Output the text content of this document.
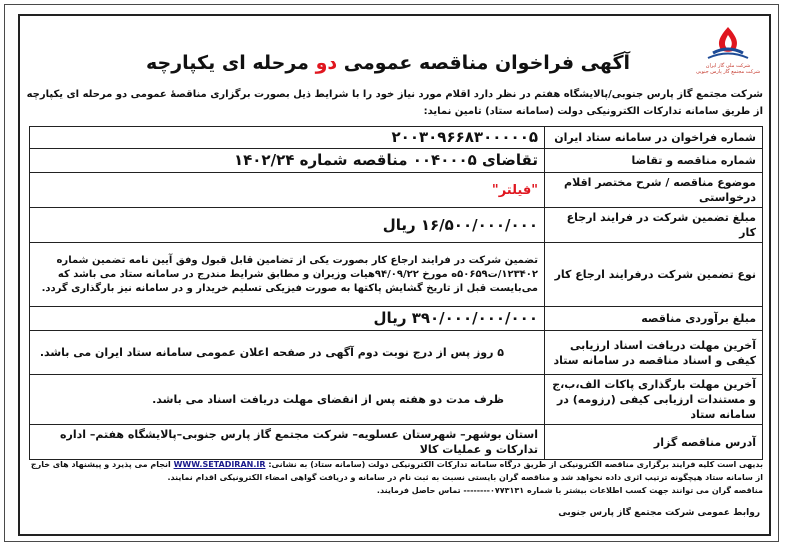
شرکت ملی گاز ایران
شرکت مجتمع گاز پارس جنوبی
آگهی فراخوان مناقصه عمومی دو مرحله ای یکپارچه
شرکت مجتمع گاز پارس جنوبی/پالایشگاه هفتم در نظر دارد اقلام مورد نیاز خود را با شرایط ذیل بصورت برگزاری مناقصهٔ عمومی دو مرحله ای یکپارچه از طریق سامانه تدارکات الکترونیکی دولت (سامانه ستاد) تامین نماید:
شماره فراخوان در سامانه ستاد ایران	۲۰۰۳۰۹۶۶۸۳۰۰۰۰۰۵
شماره مناقصه و تقاضا	تقاضای ۰۰۴۰۰۰۵ مناقصه شماره ۱۴۰۲/۲۴
موضوع مناقصه / شرح مختصر اقلام درخواستی	"فیلتر"
مبلغ تضمین شرکت در فرایند ارجاع کار	۱۶/۵۰۰/۰۰۰/۰۰۰ ریال
نوع تضمین شرکت درفرایند ارجاع کار	تضمین شرکت در فرایند ارجاع کار بصورت یکی از تضامین قابل قبول وفق آیین نامه تضمین شماره ۱۲۳۴۰۲/ت۵۰۶۵۹ه مورخ ۹۴/۰۹/۲۲هیات وزیران و مطابق شرایط مندرج در سامانه ستاد می باشد که می‌بایست قبل از تاریخ گشایش پاکتها به صورت فیزیکی تسلیم خریدار و در سامانه نیز بارگذاری گردد.
مبلغ برآوردی مناقصه	۳۹۰/۰۰۰/۰۰۰/۰۰۰ ریال
آخرین مهلت دریافت اسناد ارزیابی کیفی و اسناد مناقصه در سامانه ستاد	۵ روز پس از درج نوبت دوم آگهی در صفحه اعلان عمومی سامانه ستاد ایران می باشد.
آخرین مهلت بارگذاری پاکات الف،ب،ج و مستندات ارزیابی کیفی (رزومه) در سامانه ستاد	ظرف مدت دو هفته پس از انقضای مهلت دریافت اسناد می باشد.
آدرس مناقصه گزار	استان بوشهر– شهرستان عسلویه– شرکت مجتمع گاز پارس جنوبی–پالایشگاه هفتم– اداره تدارکات و عملیات کالا
بدیهی است کلیه فرایند برگزاری مناقصه الکترونیکی از طریق درگاه سامانه تدارکات الکترونیکی دولت (سامانه ستاد) به نشانی: WWW.SETADIRAN.IR انجام می پذیرد و پیشنهاد های خارج از سامانه ستاد هیچگونه ترتیب اثری داده نخواهد شد و مناقصه گران بایستی نسبت به ثبت نام در سامانه و دریافت گواهی امضاء الکترونیکی اقدام نمایند.
مناقصه گران می توانند جهت کسب اطلاعات بیشتر با شماره ۰۷۷۳۱۳۱-------- تماس حاصل فرمایند.
روابط عمومی شرکت مجتمع گاز پارس جنوبی
